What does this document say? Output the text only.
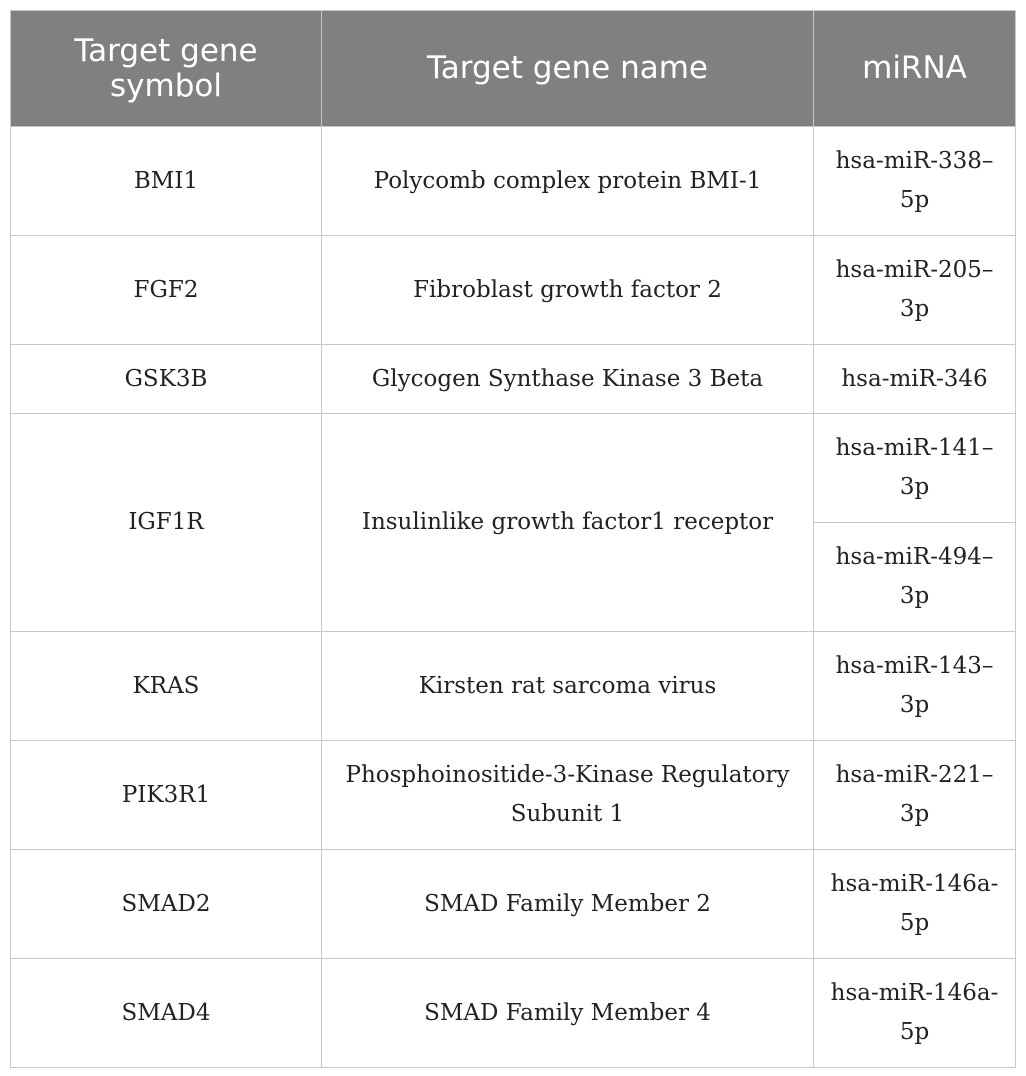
Target gene symbol	Target gene name	miRNA
BMI1	Polycomb complex protein BMI-1	hsa-miR-338–5p
FGF2	Fibroblast growth factor 2	hsa-miR-205–3p
GSK3B	Glycogen Synthase Kinase 3 Beta	hsa-miR-346
IGF1R	Insulinlike growth factor1 receptor	hsa-miR-141–3p
		hsa-miR-494–3p
KRAS	Kirsten rat sarcoma virus	hsa-miR-143–3p
PIK3R1	Phosphoinositide-3-Kinase Regulatory Subunit 1	hsa-miR-221–3p
SMAD2	SMAD Family Member 2	hsa-miR-146a-5p
SMAD4	SMAD Family Member 4	hsa-miR-146a-5p
